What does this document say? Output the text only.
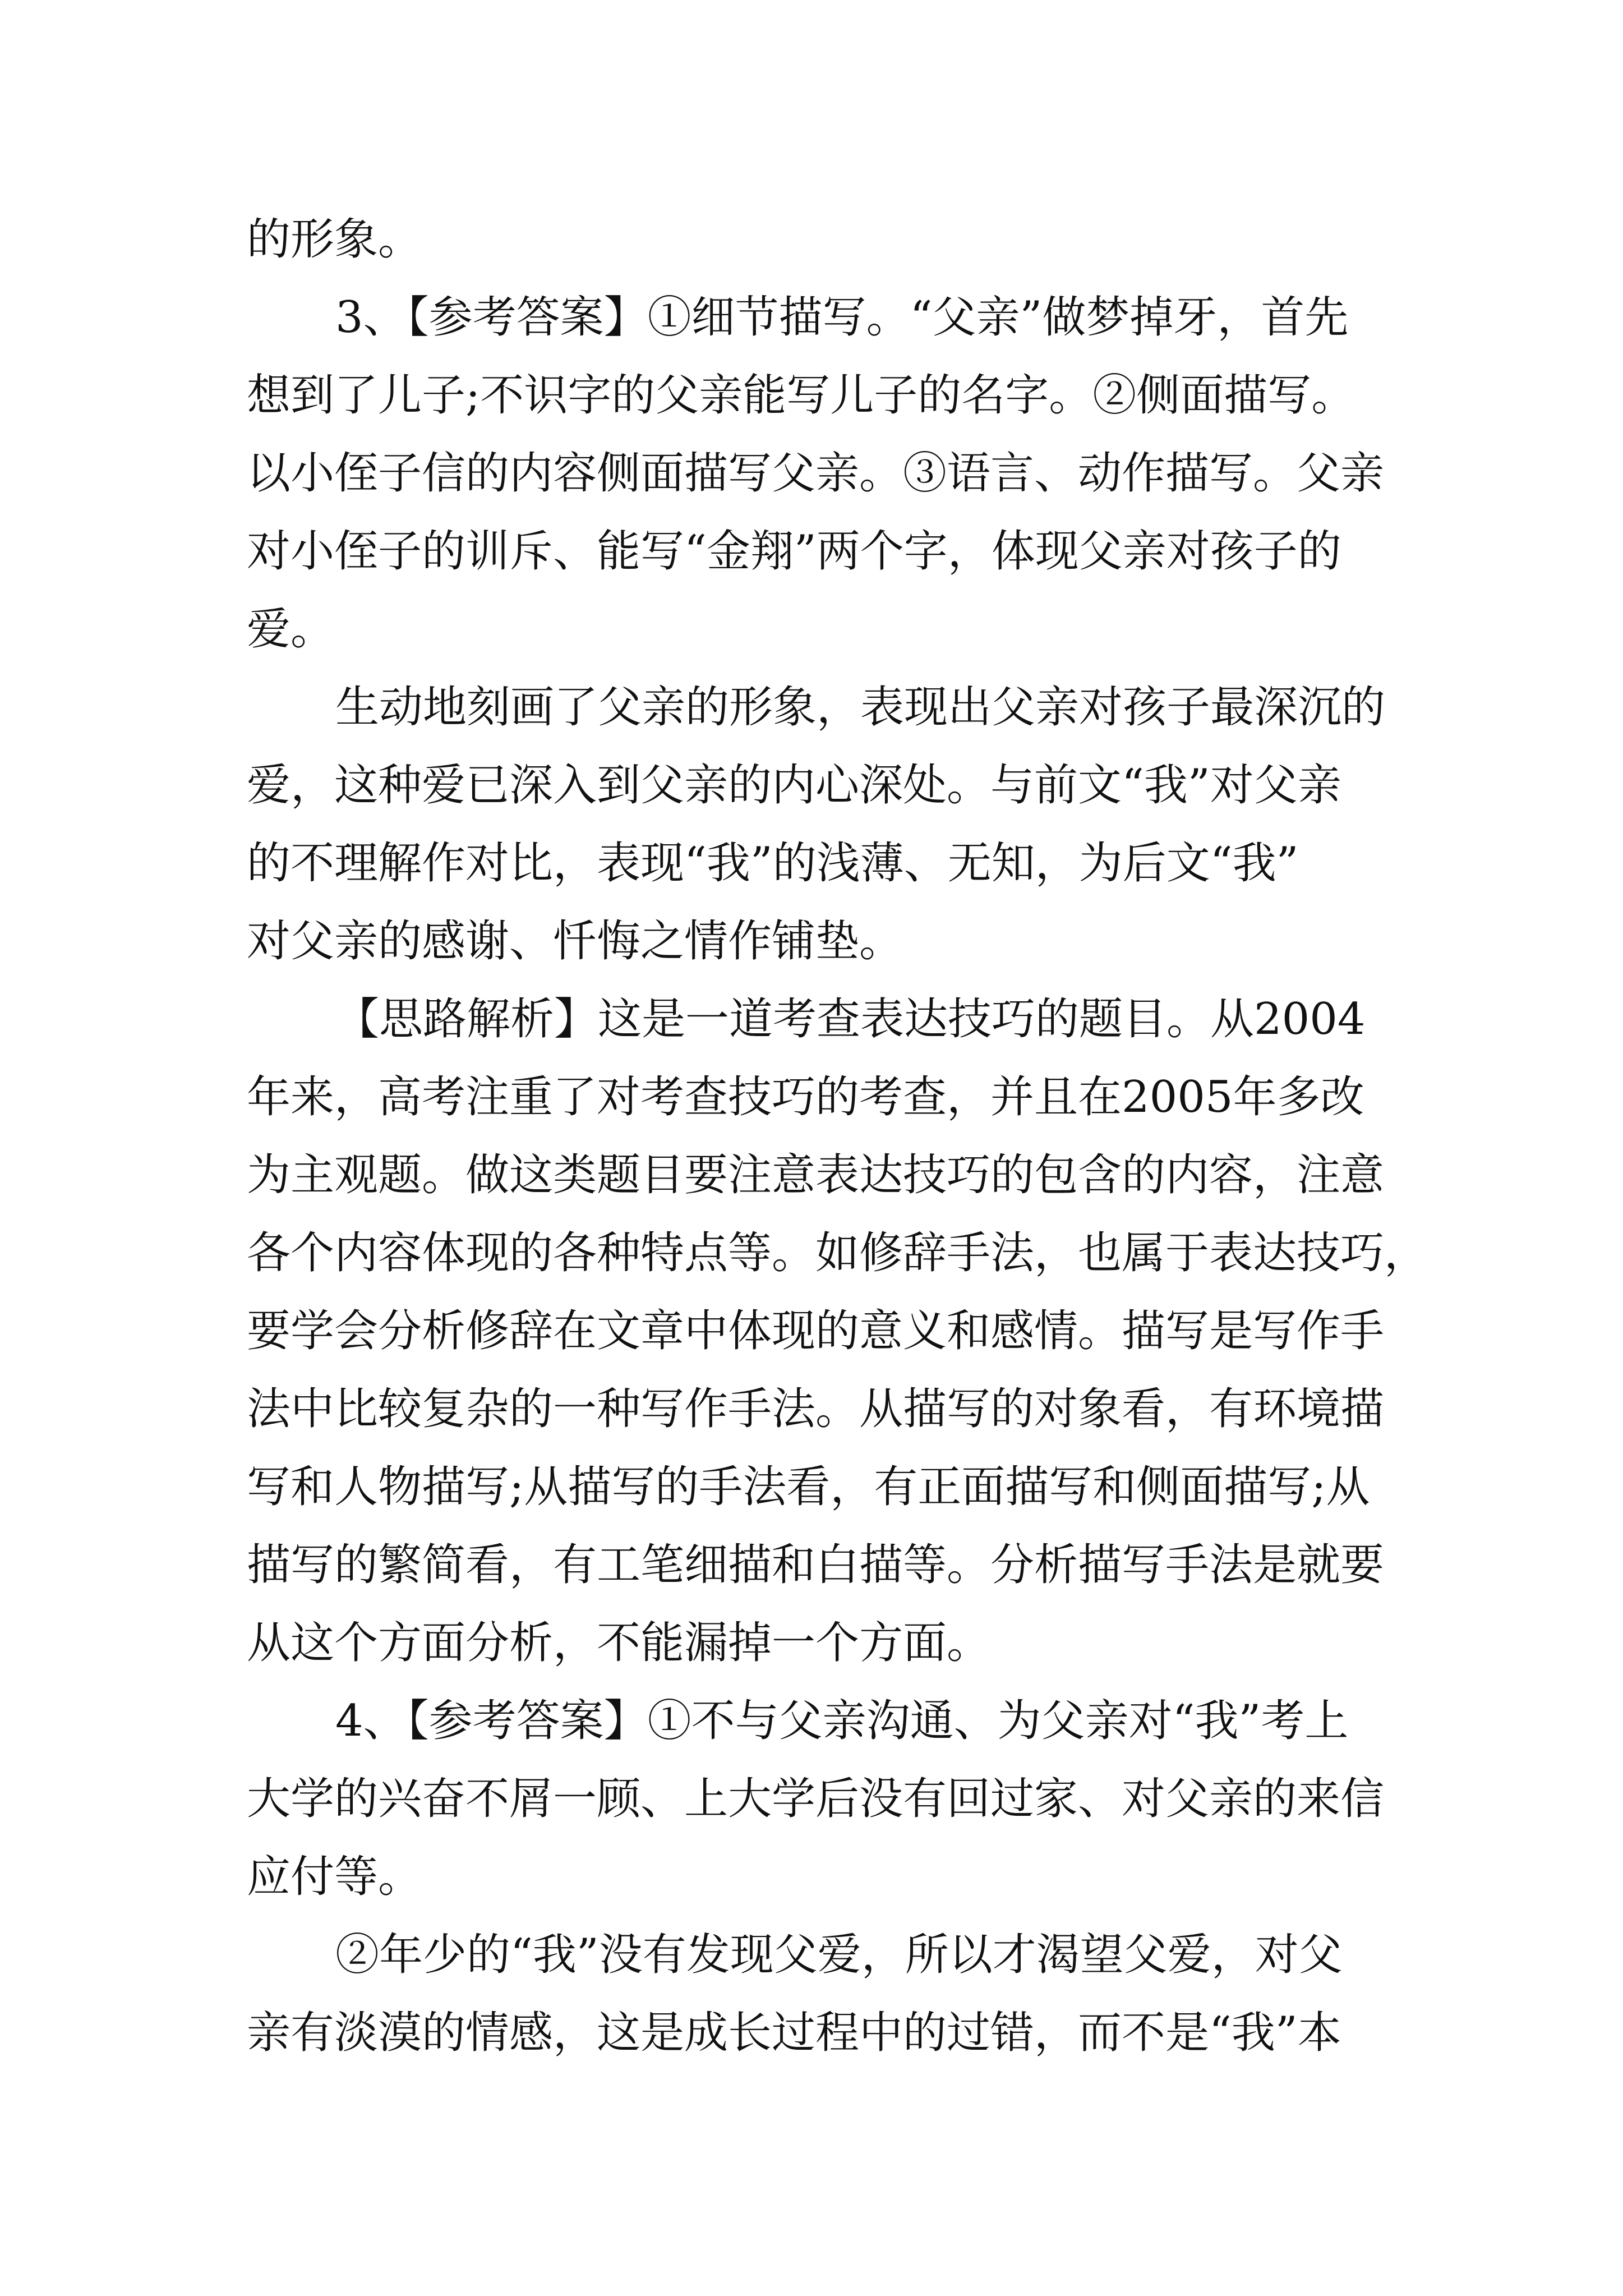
的形象。

3、【参考答案】①细节描写。“父亲”做梦掉牙，首先

想到了儿子;不识字的父亲能写儿子的名字。②侧面描写。

以小侄子信的内容侧面描写父亲。③语言、动作描写。父亲

对小侄子的训斥、能写“金翔”两个字，体现父亲对孩子的

爱。

生动地刻画了父亲的形象，表现出父亲对孩子最深沉的

爱，这种爱已深入到父亲的内心深处。与前文“我”对父亲

的不理解作对比，表现“我”的浅薄、无知，为后文“我”

对父亲的感谢、忏悔之情作铺垫。

【思路解析】这是一道考查表达技巧的题目。从2004

年来，高考注重了对考查技巧的考查，并且在2005年多改

为主观题。做这类题目要注意表达技巧的包含的内容，注意

各个内容体现的各种特点等。如修辞手法，也属于表达技巧，

要学会分析修辞在文章中体现的意义和感情。描写是写作手

法中比较复杂的一种写作手法。从描写的对象看，有环境描

写和人物描写;从描写的手法看，有正面描写和侧面描写;从

描写的繁简看，有工笔细描和白描等。分析描写手法是就要

从这个方面分析，不能漏掉一个方面。

4、【参考答案】①不与父亲沟通、为父亲对“我”考上

大学的兴奋不屑一顾、上大学后没有回过家、对父亲的来信

应付等。

②年少的“我”没有发现父爱，所以才渴望父爱，对父

亲有淡漠的情感，这是成长过程中的过错，而不是“我”本
